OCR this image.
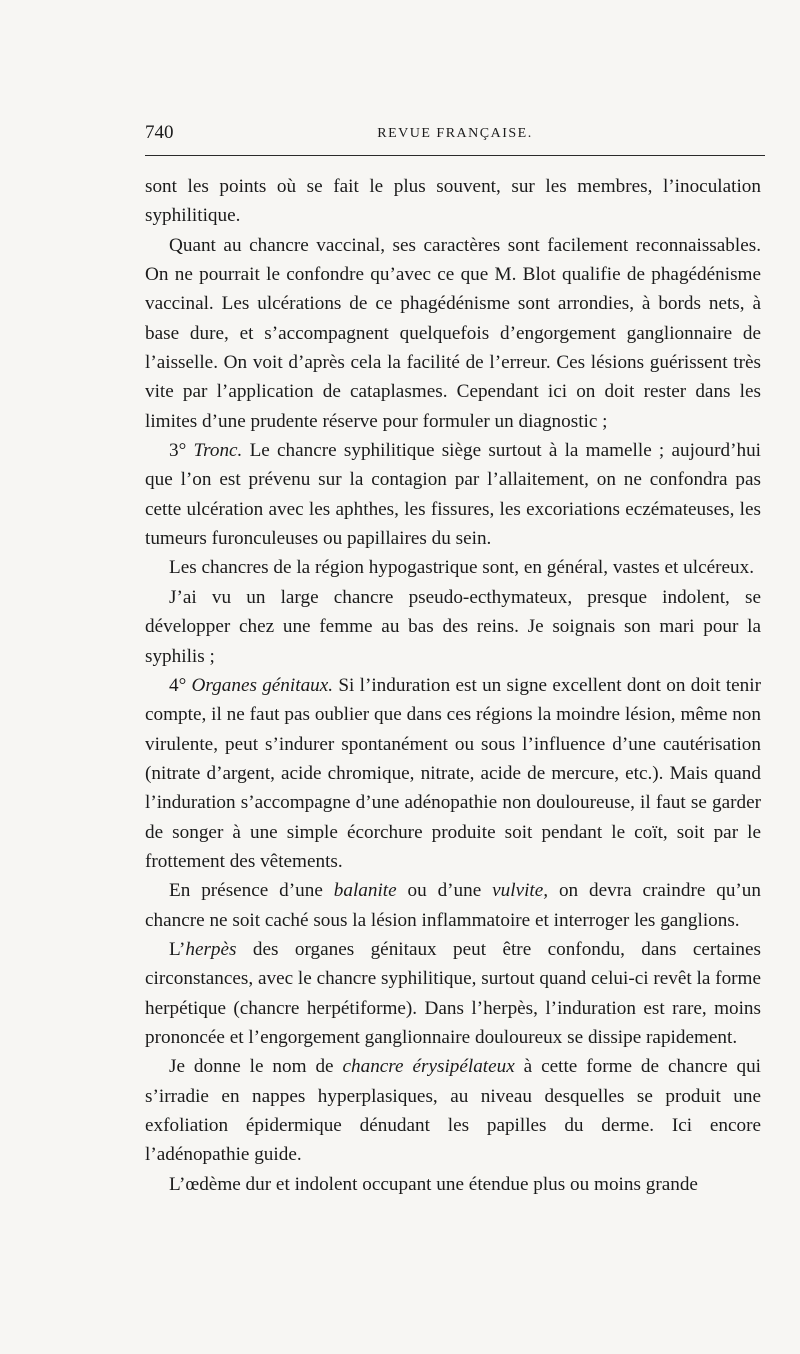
740	REVUE FRANÇAISE.

sont les points où se fait le plus souvent, sur les membres, l’inoculation syphilitique.

Quant au chancre vaccinal, ses caractères sont facilement reconnaissables. On ne pourrait le confondre qu’avec ce que M. Blot qualifie de phagédénisme vaccinal. Les ulcérations de ce phagédénisme sont arrondies, à bords nets, à base dure, et s’accompagnent quelquefois d’engorgement ganglionnaire de l’aisselle. On voit d’après cela la facilité de l’erreur. Ces lésions guérissent très vite par l’application de cataplasmes. Cependant ici on doit rester dans les limites d’une prudente réserve pour formuler un diagnostic ;

3° Tronc. Le chancre syphilitique siège surtout à la mamelle ; aujourd’hui que l’on est prévenu sur la contagion par l’allaitement, on ne confondra pas cette ulcération avec les aphthes, les fissures, les excoriations eczémateuses, les tumeurs furonculeuses ou papillaires du sein.

Les chancres de la région hypogastrique sont, en général, vastes et ulcéreux.

J’ai vu un large chancre pseudo-ecthymateux, presque indolent, se développer chez une femme au bas des reins. Je soignais son mari pour la syphilis ;

4° Organes génitaux. Si l’induration est un signe excellent dont on doit tenir compte, il ne faut pas oublier que dans ces régions la moindre lésion, même non virulente, peut s’indurer spontanément ou sous l’influence d’une cautérisation (nitrate d’argent, acide chromique, nitrate, acide de mercure, etc.). Mais quand l’induration s’accompagne d’une adénopathie non douloureuse, il faut se garder de songer à une simple écorchure produite soit pendant le coït, soit par le frottement des vêtements.

En présence d’une balanite ou d’une vulvite, on devra craindre qu’un chancre ne soit caché sous la lésion inflammatoire et interroger les ganglions.

L’herpès des organes génitaux peut être confondu, dans certaines circonstances, avec le chancre syphilitique, surtout quand celui-ci revêt la forme herpétique (chancre herpétiforme). Dans l’herpès, l’induration est rare, moins prononcée et l’engorgement ganglionnaire douloureux se dissipe rapidement.

Je donne le nom de chancre érysipélateux à cette forme de chancre qui s’irradie en nappes hyperplasiques, au niveau desquelles se produit une exfoliation épidermique dénudant les papilles du derme. Ici encore l’adénopathie guide.

L’œdème dur et indolent occupant une étendue plus ou moins grande
